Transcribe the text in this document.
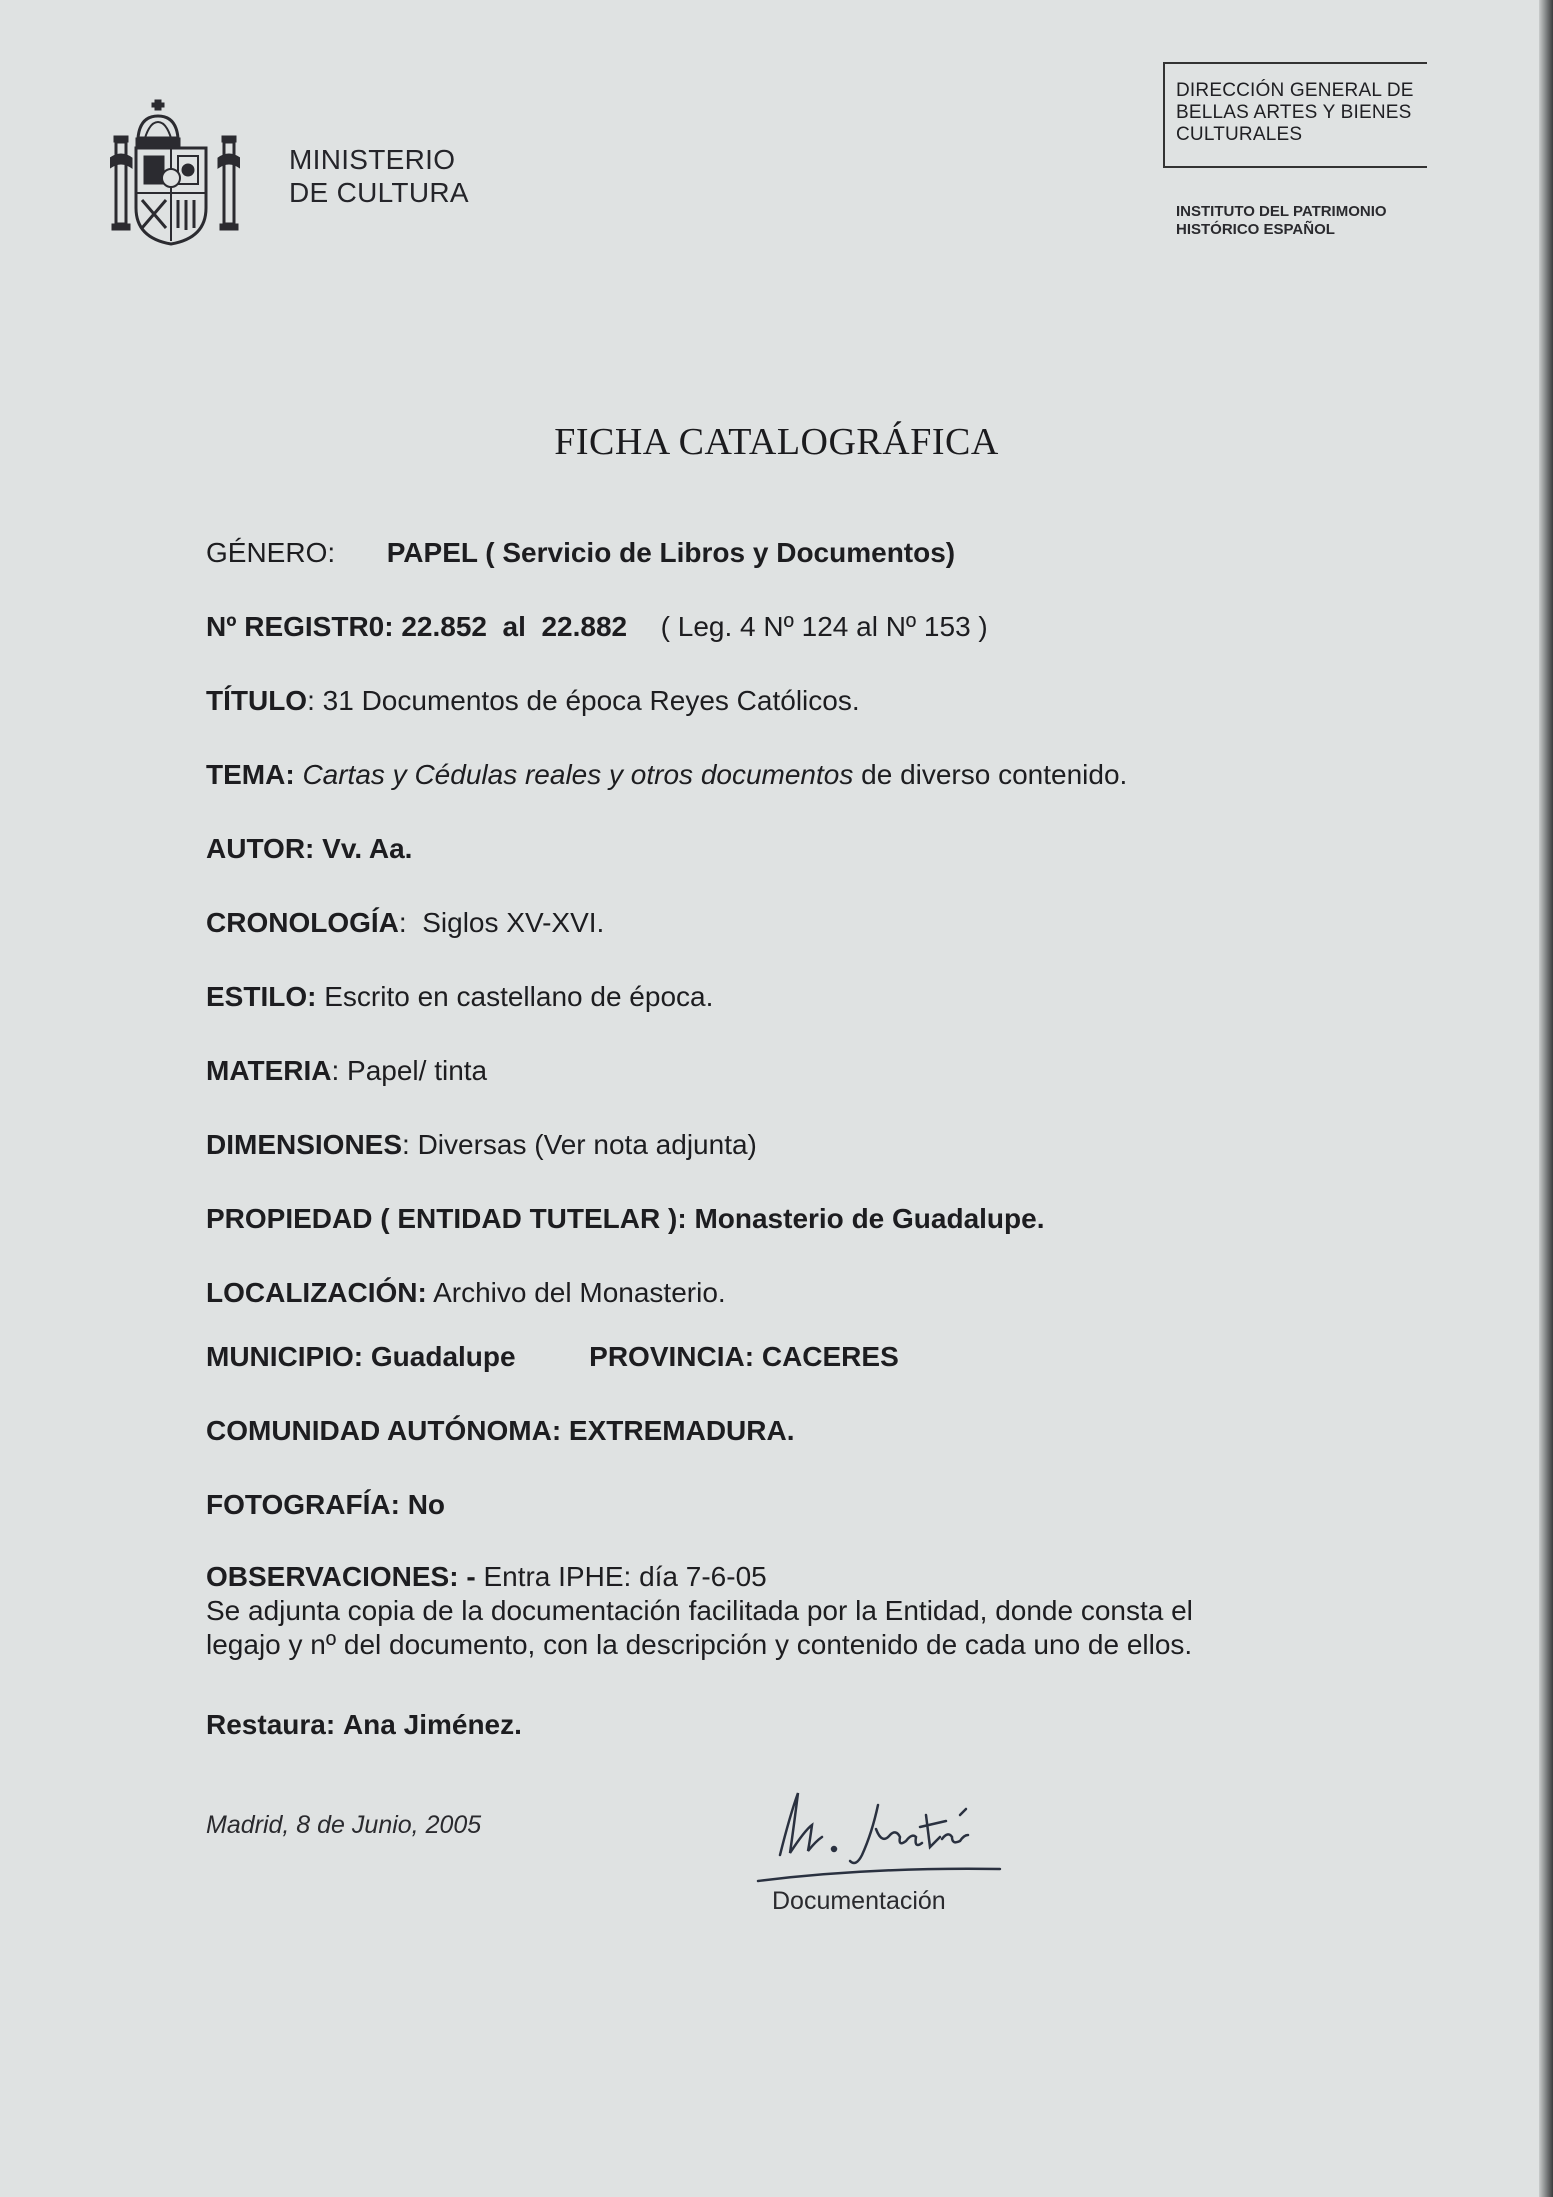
MINISTERIO
DE CULTURA
DIRECCIÓN GENERAL DE
BELLAS ARTES Y BIENES
CULTURALES
INSTITUTO DEL PATRIMONIO
HISTÓRICO ESPAÑOL
FICHA CATALOGRÁFICA
GÉNERO: PAPEL ( Servicio de Libros y Documentos)
Nº REGISTR0: 22.852  al  22.882 ( Leg. 4 Nº 124 al Nº 153 )
TÍTULO: 31 Documentos de época Reyes Católicos.
TEMA: Cartas y Cédulas reales y otros documentos de diverso contenido.
AUTOR: Vv. Aa.
CRONOLOGÍA:  Siglos XV-XVI.
ESTILO: Escrito en castellano de época.
MATERIA: Papel/ tinta
DIMENSIONES: Diversas (Ver nota adjunta)
PROPIEDAD ( ENTIDAD TUTELAR ): Monasterio de Guadalupe.
LOCALIZACIÓN: Archivo del Monasterio.
MUNICIPIO: Guadalupe	PROVINCIA: CACERES
COMUNIDAD AUTÓNOMA: EXTREMADURA.
FOTOGRAFÍA: No
OBSERVACIONES: - Entra IPHE: día 7-6-05
Se adjunta copia de la documentación facilitada por la Entidad, donde consta el
legajo y nº del documento, con la descripción y contenido de cada uno de ellos.
Restaura: Ana Jiménez.
Madrid, 8 de Junio, 2005
Documentación
